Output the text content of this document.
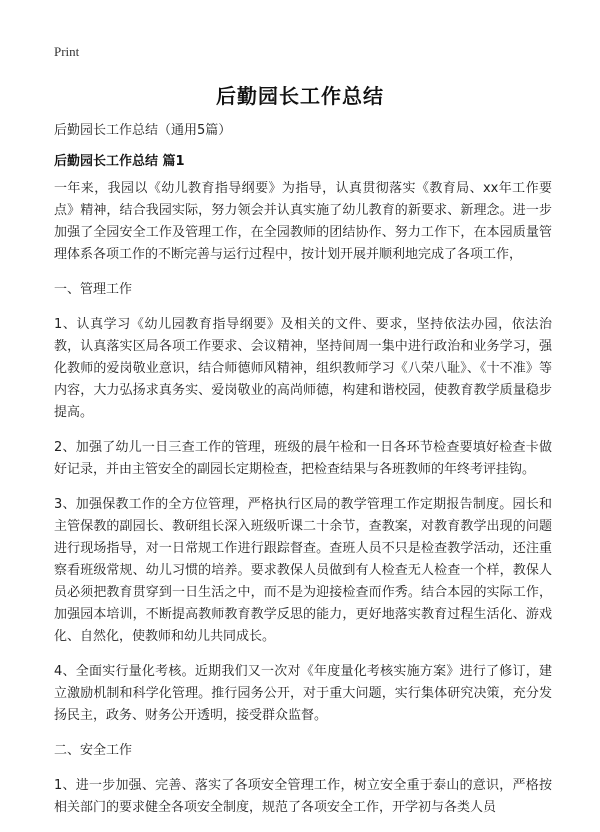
Print
后勤园长工作总结
后勤园长工作总结（通用5篇）
后勤园长工作总结 篇1

一年来，我园以《幼儿教育指导纲要》为指导，认真贯彻落实《教育局、xx年工作要点》精神，结合我园实际，努力领会并认真实施了幼儿教育的新要求、新理念。进一步加强了全园安全工作及管理工作，在全园教师的团结协作、努力工作下，在本园质量管理体系各项工作的不断完善与运行过程中，按计划开展并顺利地完成了各项工作，

一、管理工作

1、认真学习《幼儿园教育指导纲要》及相关的文件、要求，坚持依法办园，依法治教，认真落实区局各项工作要求、会议精神，坚持间周一集中进行政治和业务学习，强化教师的爱岗敬业意识，结合师德师风精神，组织教师学习《八荣八耻》、《十不准》等内容，大力弘扬求真务实、爱岗敬业的高尚师德，构建和谐校园，使教育教学质量稳步提高。

2、加强了幼儿一日三查工作的管理，班级的晨午检和一日各环节检查要填好检查卡做好记录，并由主管安全的副园长定期检查，把检查结果与各班教师的年终考评挂钩。

3、加强保教工作的全方位管理，严格执行区局的教学管理工作定期报告制度。园长和主管保教的副园长、教研组长深入班级听课二十余节，查教案，对教育教学出现的问题进行现场指导，对一日常规工作进行跟踪督查。查班人员不只是检查教学活动，还注重察看班级常规、幼儿习惯的培养。要求教保人员做到有人检查无人检查一个样，教保人员必须把教育贯穿到一日生活之中，而不是为迎接检查而作秀。结合本园的实际工作，加强园本培训，不断提高教师教育教学反思的能力，更好地落实教育过程生活化、游戏化、自然化，使教师和幼儿共同成长。

4、全面实行量化考核。近期我们又一次对《年度量化考核实施方案》进行了修订，建立激励机制和科学化管理。推行园务公开，对于重大问题，实行集体研究决策，充分发扬民主，政务、财务公开透明，接受群众监督。

二、安全工作

1、进一步加强、完善、落实了各项安全管理工作，树立安全重于泰山的意识，严格按相关部门的要求健全各项安全制度，规范了各项安全工作，开学初与各类人员
